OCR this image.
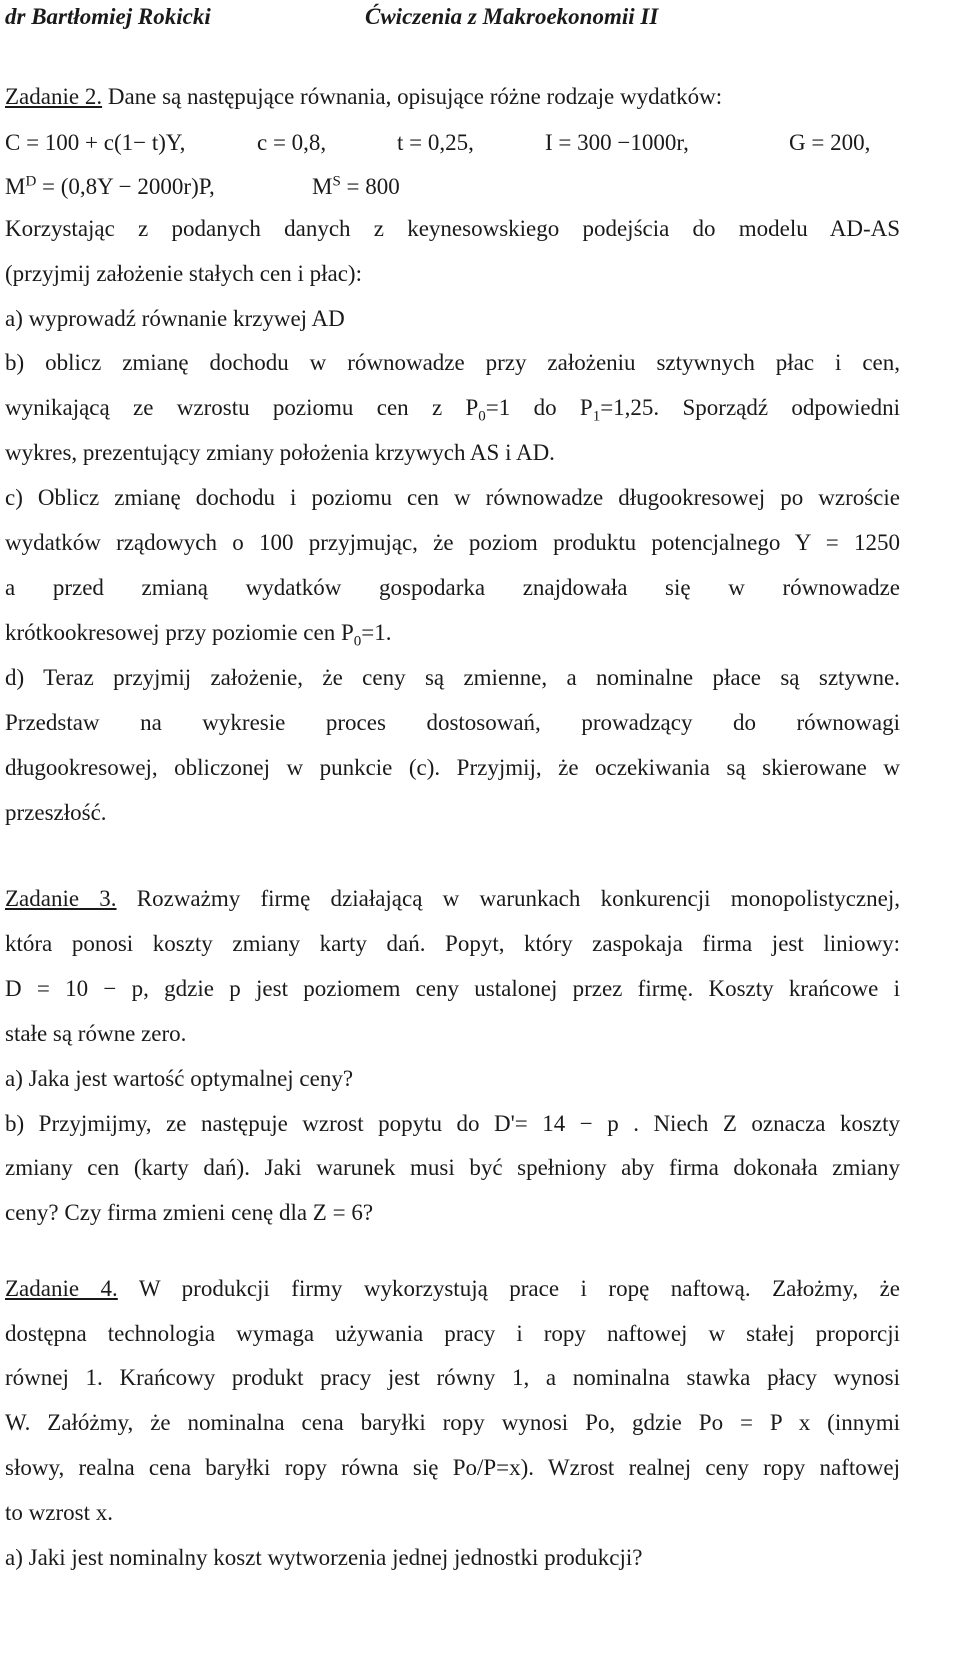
dr Bartłomiej Rokicki	Ćwiczenia z Makroekonomii II
Zadanie 2. Dane są następujące równania, opisujące różne rodzaje wydatków:
C = 100 + c(1− t)Y,	c = 0,8,	t = 0,25,	I = 300 −1000r,	G = 200,
$M^D = (0,8Y - 2000r)P$,	$M^S = 800$
Korzystając z podanych danych z keynesowskiego podejścia do modelu AD-AS
(przyjmij założenie stałych cen i płac):
a) wyprowadź równanie krzywej AD
b) oblicz zmianę dochodu w równowadze przy założeniu sztywnych płac i cen,
wynikającą ze wzrostu poziomu cen z $P_0=1$ do $P_1=1,25$. Sporządź odpowiedni
wykres, prezentujący zmiany położenia krzywych AS i AD.
c) Oblicz zmianę dochodu i poziomu cen w równowadze długookresowej po wzroście
wydatków rządowych o 100 przyjmując, że poziom produktu potencjalnego Y = 1250
a przed zmianą wydatków gospodarka znajdowała się w równowadze
krótkookresowej przy poziomie cen $P_0=1$.
d) Teraz przyjmij założenie, że ceny są zmienne, a nominalne płace są sztywne.
Przedstaw na wykresie proces dostosowań, prowadzący do równowagi
długookresowej, obliczonej w punkcie (c). Przyjmij, że oczekiwania są skierowane w
przeszłość.
Zadanie 3. Rozważmy firmę działającą w warunkach konkurencji monopolistycznej,
która ponosi koszty zmiany karty dań. Popyt, który zaspokaja firma jest liniowy:
D = 10 − p, gdzie p jest poziomem ceny ustalonej przez firmę. Koszty krańcowe i
stałe są równe zero.
a) Jaka jest wartość optymalnej ceny?
b) Przyjmijmy, ze następuje wzrost popytu do D'= 14 − p . Niech Z oznacza koszty
zmiany cen (karty dań). Jaki warunek musi być spełniony aby firma dokonała zmiany
ceny? Czy firma zmieni cenę dla Z = 6?
Zadanie 4. W produkcji firmy wykorzystują prace i ropę naftową. Założmy, że
dostępna technologia wymaga używania pracy i ropy naftowej w stałej proporcji
równej 1. Krańcowy produkt pracy jest równy 1, a nominalna stawka płacy wynosi
W. Załóżmy, że nominalna cena baryłki ropy wynosi Po, gdzie Po = P x (innymi
słowy, realna cena baryłki ropy równa się Po/P=x). Wzrost realnej ceny ropy naftowej
to wzrost x.
a) Jaki jest nominalny koszt wytworzenia jednej jednostki produkcji?
